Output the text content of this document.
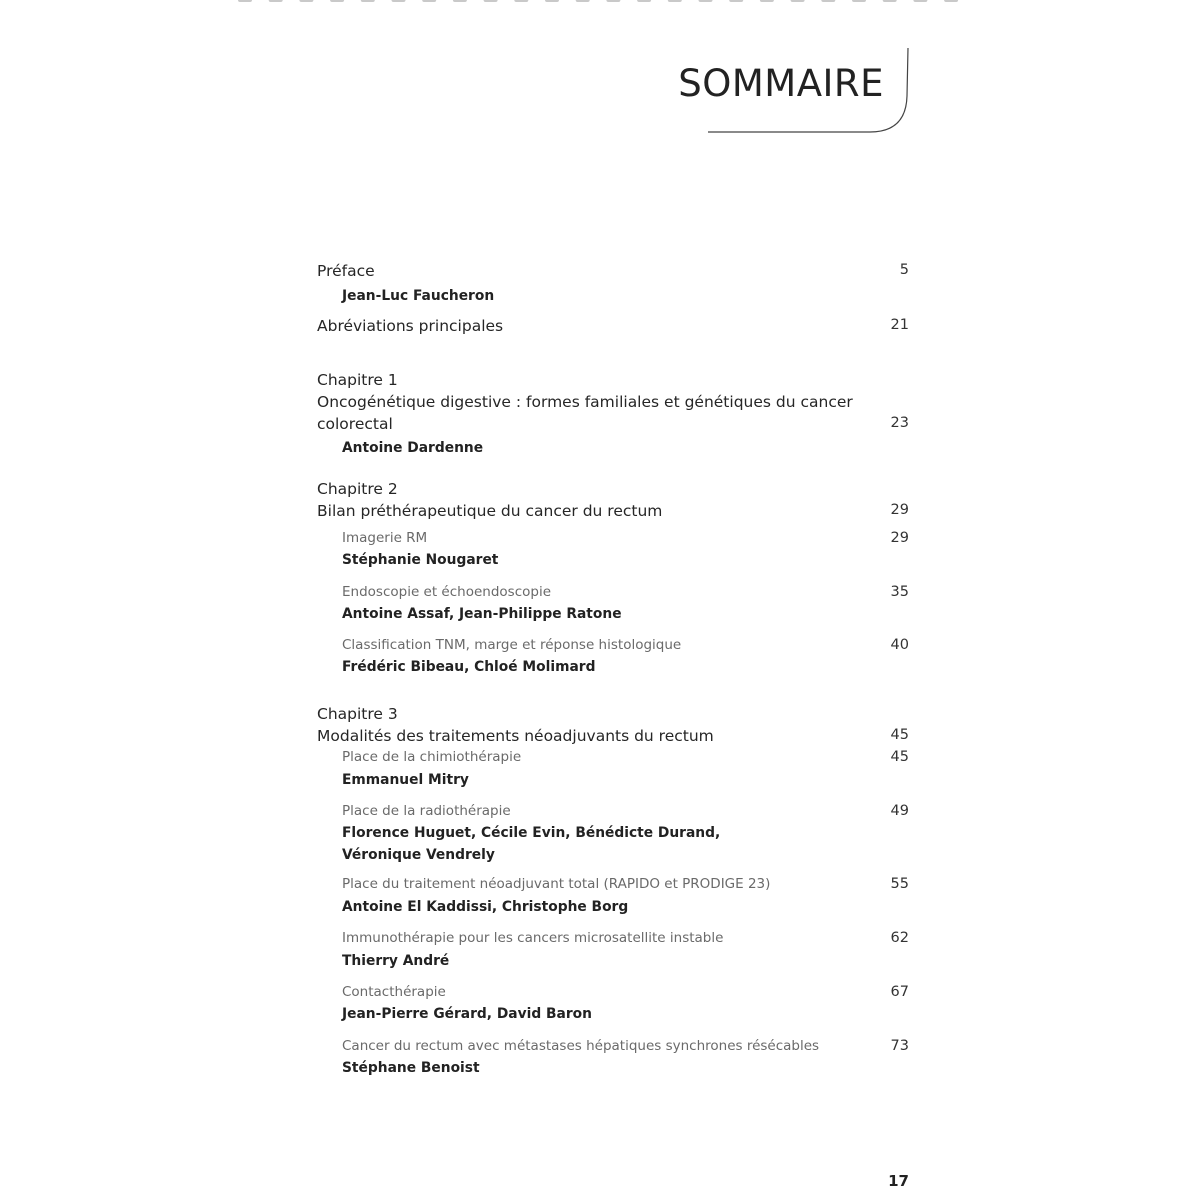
SOMMAIRE
Préface	5
Jean-Luc Faucheron
Abréviations principales	21
Chapitre 1
Oncogénétique digestive : formes familiales et génétiques du cancer
colorectal	23
Antoine Dardenne
Chapitre 2
Bilan préthérapeutique du cancer du rectum	29
Imagerie RM	29
Stéphanie Nougaret
Endoscopie et échoendoscopie	35
Antoine Assaf, Jean-Philippe Ratone
Classification TNM, marge et réponse histologique	40
Frédéric Bibeau, Chloé Molimard
Chapitre 3
Modalités des traitements néoadjuvants du rectum	45
Place de la chimiothérapie	45
Emmanuel Mitry
Place de la radiothérapie	49
Florence Huguet, Cécile Evin, Bénédicte Durand,
Véronique Vendrely
Place du traitement néoadjuvant total (RAPIDO et PRODIGE 23)	55
Antoine El Kaddissi, Christophe Borg
Immunothérapie pour les cancers microsatellite instable	62
Thierry André
Contacthérapie	67
Jean-Pierre Gérard, David Baron
Cancer du rectum avec métastases hépatiques synchrones résécables	73
Stéphane Benoist
17
